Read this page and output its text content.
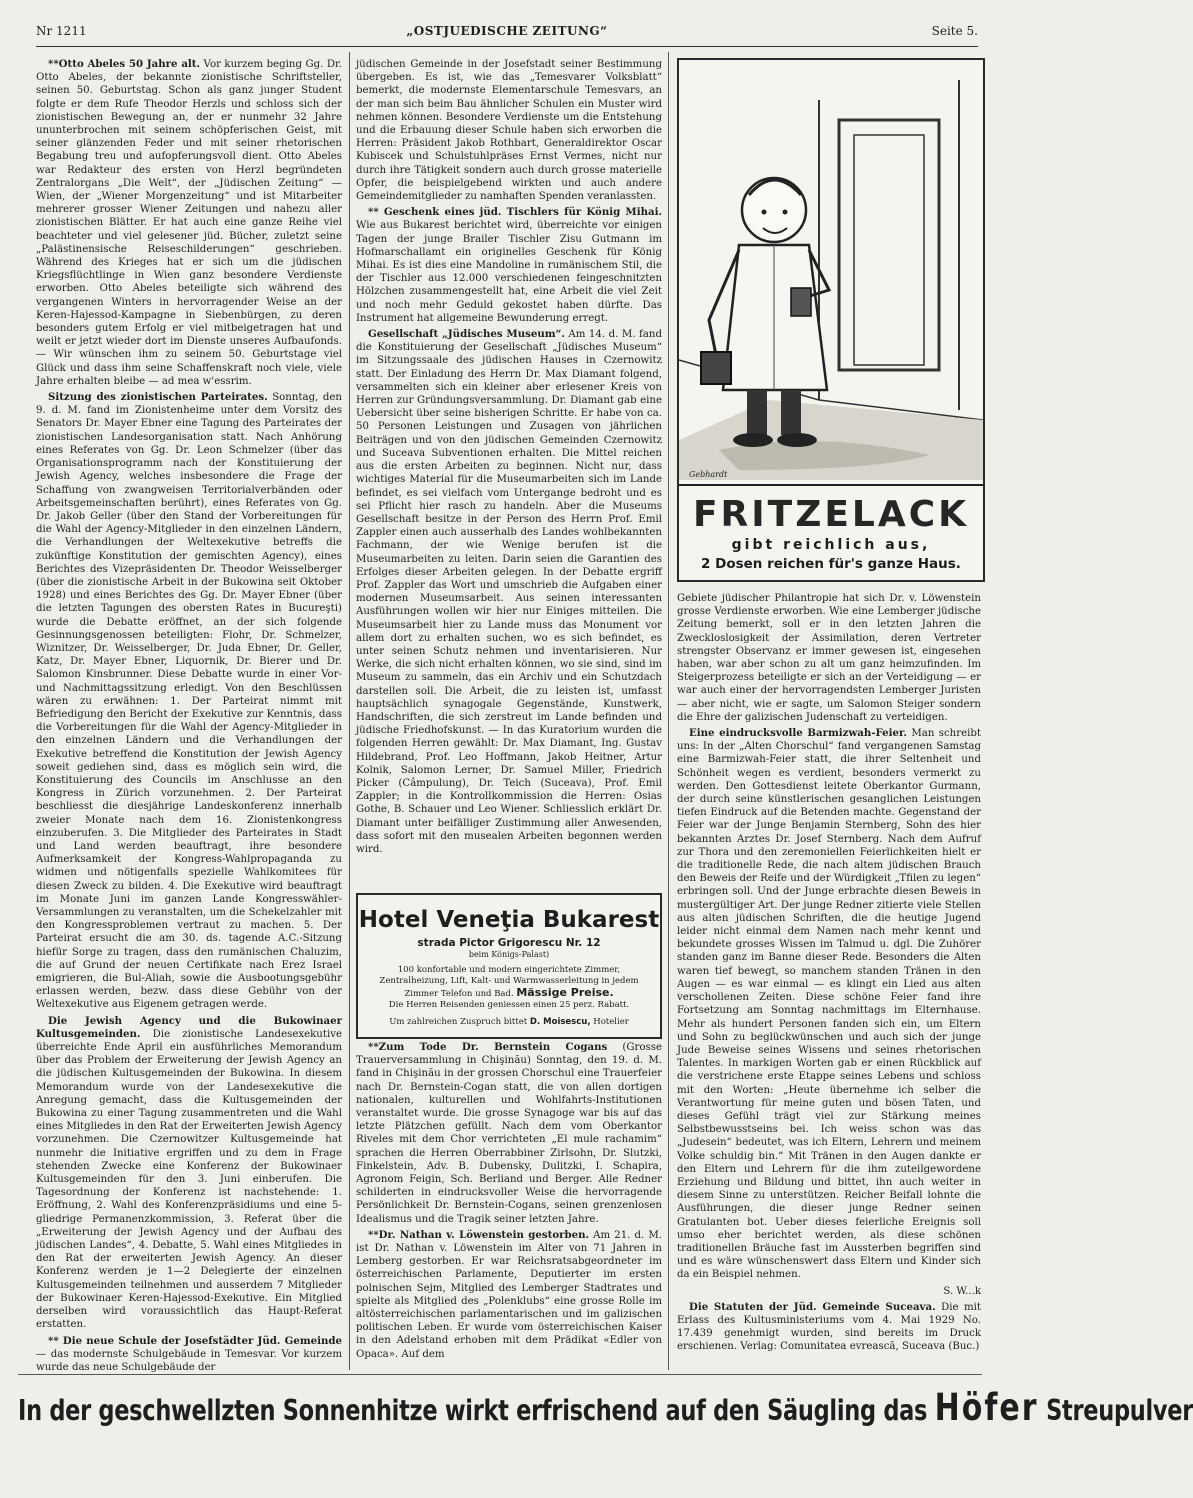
Nr 1211	„OSTJUEDISCHE ZEITUNG“	Seite 5.

**Otto Abeles 50 Jahre alt. Vor kurzem beging Gg. Dr. Otto Abeles, der bekannte zionistische Schriftsteller, seinen 50. Geburtstag. Schon als ganz junger Student folgte er dem Rufe Theodor Herzls und schloss sich der zionistischen Bewegung an, der er nunmehr 32 Jahre ununterbrochen mit seinem schöpferischen Geist, mit seiner glänzenden Feder und mit seiner rhetorischen Begabung treu und aufopferungsvoll dient. Otto Abeles war Redakteur des ersten von Herzl begründeten Zentralorgans „Die Welt“, der „Jüdischen Zeitung“ — Wien, der „Wiener Morgenzeitung“ und ist Mitarbeiter mehrerer grosser Wiener Zeitungen und nahezu aller zionistischen Blätter. Er hat auch eine ganze Reihe viel beachteter und viel gelesener jüd. Bücher, zuletzt seine „Palästinensische Reiseschilderungen“ geschrieben. Während des Krieges hat er sich um die jüdischen Kriegsflüchtlinge in Wien ganz besondere Verdienste erworben. Otto Abeles beteiligte sich während des vergangenen Winters in hervorragender Weise an der Keren-Hajessod-Kampagne in Siebenbürgen, zu deren besonders gutem Erfolg er viel mitbeigetragen hat und weilt er jetzt wieder dort im Dienste unseres Aufbaufonds. — Wir wünschen ihm zu seinem 50. Geburtstage viel Glück und dass ihm seine Schaffenskraft noch viele, viele Jahre erhalten bleibe — ad mea w'essrim.

Sitzung des zionistischen Parteirates. Sonntag, den 9. d. M. fand im Zionistenheime unter dem Vorsitz des Senators Dr. Mayer Ebner eine Tagung des Parteirates der zionistischen Landesorganisation statt. Nach Anhörung eines Referates von Gg. Dr. Leon Schmelzer (über das Organisationsprogramm nach der Konstituierung der Jewish Agency, welches insbesondere die Frage der Schaffung von zwangweisen Territorialverbänden oder Arbeitsgemeinschaften berührt), eines Referates von Gg. Dr. Jakob Geller (über den Stand der Vorbereitungen für die Wahl der Agency-Mitglieder in den einzelnen Ländern, die Verhandlungen der Weltexekutive betreffs die zukünftige Konstitution der gemischten Agency), eines Berichtes des Vizepräsidenten Dr. Theodor Weisselberger (über die zionistische Arbeit in der Bukowina seit Oktober 1928) und eines Berichtes des Gg. Dr. Mayer Ebner (über die letzten Tagungen des obersten Rates in Bucureşti) wurde die Debatte eröffnet, an der sich folgende Gesinnungsgenossen beteiligten: Flohr, Dr. Schmelzer, Wiznitzer, Dr. Weisselberger, Dr. Juda Ebner, Dr. Geller, Katz, Dr. Mayer Ebner, Liquornik, Dr. Bierer und Dr. Salomon Kinsbrunner. Diese Debatte wurde in einer Vor- und Nachmittagssitzung erledigt. Von den Beschlüssen wären zu erwähnen: 1. Der Parteirat nimmt mit Befriedigung den Bericht der Exekutive zur Kenntnis, dass die Vorbereitungen für die Wahl der Agency-Mitglieder in den einzelnen Ländern und die Verhandlungen der Exekutive betreffend die Konstitution der Jewish Agency soweit gediehen sind, dass es möglich sein wird, die Konstituierung des Councils im Anschlusse an den Kongress in Zürich vorzunehmen. 2. Der Parteirat beschliesst die diesjährige Landeskonferenz innerhalb zweier Monate nach dem 16. Zionistenkongress einzuberufen. 3. Die Mitglieder des Parteirates in Stadt und Land werden beauftragt, ihre besondere Aufmerksamkeit der Kongress-Wahlpropaganda zu widmen und nötigenfalls spezielle Wahlkomitees für diesen Zweck zu bilden. 4. Die Exekutive wird beauftragt im Monate Juni im ganzen Lande Kongresswähler-Versammlungen zu veranstalten, um die Schekelzahler mit den Kongressproblemen vertraut zu machen. 5. Der Parteirat ersucht die am 30. ds. tagende A.C.-Sitzung hiefür Sorge zu tragen, dass den rumänischen Chaluzim, die auf Grund der neuen Certifikate nach Erez Israel emigrieren, die Bul-Aliah, sowie die Ausbootungsgebühr erlassen werden, bezw. dass diese Gebühr von der Weltexekutive aus Eigenem getragen werde.

Die Jewish Agency und die Bukowinaer Kultusgemeinden. Die zionistische Landesexekutive überreichte Ende April ein ausführliches Memorandum über das Problem der Erweiterung der Jewish Agency an die jüdischen Kultusgemeinden der Bukowina. In diesem Memorandum wurde von der Landesexekutive die Anregung gemacht, dass die Kultusgemeinden der Bukowina zu einer Tagung zusammentreten und die Wahl eines Mitgliedes in den Rat der Erweiterten Jewish Agency vorzunehmen. Die Czernowitzer Kultusgemeinde hat nunmehr die Initiative ergriffen und zu dem in Frage stehenden Zwecke eine Konferenz der Bukowinaer Kultusgemeinden für den 3. Juni einberufen. Die Tagesordnung der Konferenz ist nachstehende: 1. Eröffnung, 2. Wahl des Konferenzpräsidiums und eine 5-gliedrige Permanenzkommission, 3. Referat über die „Erweiterung der Jewish Agency und der Aufbau des jüdischen Landes“, 4. Debatte, 5. Wahl eines Mitgliedes in den Rat der erweiterten Jewish Agency. An dieser Konferenz werden je 1—2 Delegierte der einzelnen Kultusgemeinden teilnehmen und ausserdem 7 Mitglieder der Bukowinaer Keren-Hajessod-Exekutive. Ein Mitglied derselben wird voraussichtlich das Haupt-Referat erstatten.

** Die neue Schule der Josefstädter Jüd. Gemeinde — das modernste Schulgebäude in Temesvar. Vor kurzem wurde das neue Schulgebäude der

jüdischen Gemeinde in der Josefstadt seiner Bestimmung übergeben. Es ist, wie das „Temesvarer Volksblatt“ bemerkt, die modernste Elementarschule Temesvars, an der man sich beim Bau ähnlicher Schulen ein Muster wird nehmen können. Besondere Verdienste um die Entstehung und die Erbauung dieser Schule haben sich erworben die Herren: Präsident Jakob Rothbart, Generaldirektor Oscar Kubiscek und Schulstuhlpräses Ernst Vermes, nicht nur durch ihre Tätigkeit sondern auch durch grosse materielle Opfer, die beispielgebend wirkten und auch andere Gemeindemitglieder zu namhaften Spenden veranlassten.

** Geschenk eines jüd. Tischlers für König Mihai. Wie aus Bukarest berichtet wird, überreichte vor einigen Tagen der junge Brailer Tischler Zisu Gutmann im Hofmarschallamt ein originelles Geschenk für König Mihai. Es ist dies eine Mandoline in rumänischem Stil, die der Tischler aus 12.000 verschiedenen feingeschnitzten Hölzchen zusammengestellt hat, eine Arbeit die viel Zeit und noch mehr Geduld gekostet haben dürfte. Das Instrument hat allgemeine Bewunderung erregt.

Gesellschaft „Jüdisches Museum“. Am 14. d. M. fand die Konstituierung der Gesellschaft „Jüdisches Museum“ im Sitzungssaale des jüdischen Hauses in Czernowitz statt. Der Einladung des Herrn Dr. Max Diamant folgend, versammelten sich ein kleiner aber erlesener Kreis von Herren zur Gründungsversammlung. Dr. Diamant gab eine Uebersicht über seine bisherigen Schritte. Er habe von ca. 50 Personen Leistungen und Zusagen von jährlichen Beiträgen und von den jüdischen Gemeinden Czernowitz und Suceava Subventionen erhalten. Die Mittel reichen aus die ersten Arbeiten zu beginnen. Nicht nur, dass wichtiges Material für die Museumarbeiten sich im Lande befindet, es sei vielfach vom Untergange bedroht und es sei Pflicht hier rasch zu handeln. Aber die Museums Gesellschaft besitze in der Person des Herrn Prof. Emil Zappler einen auch ausserhalb des Landes wohlbekannten Fachmann, der wie Wenige berufen ist die Museumarbeiten zu leiten. Darin seien die Garantien des Erfolges dieser Arbeiten gelegen. In der Debatte ergriff Prof. Zappler das Wort und umschrieb die Aufgaben einer modernen Museumsarbeit. Aus seinen interessanten Ausführungen wollen wir hier nur Einiges mitteilen. Die Museumsarbeit hier zu Lande muss das Monument vor allem dort zu erhalten suchen, wo es sich befindet, es unter seinen Schutz nehmen und inventarisieren. Nur Werke, die sich nicht erhalten können, wo sie sind, sind im Museum zu sammeln, das ein Archiv und ein Schutzdach darstellen soll. Die Arbeit, die zu leisten ist, umfasst hauptsächlich synagogale Gegenstände, Kunstwerk, Handschriften, die sich zerstreut im Lande befinden und jüdische Friedhofskunst. — In das Kuratorium wurden die folgenden Herren gewählt: Dr. Max Diamant, Ing. Gustav Hildebrand, Prof. Leo Hoffmann, Jakob Heitner, Artur Kolnik, Salomon Lerner, Dr. Samuel Miller, Friedrich Picker (Câmpulung), Dr. Teich (Suceava), Prof. Emil Zappler; in die Kontrollkommission die Herren: Osias Gothe, B. Schauer und Leo Wiener. Schliesslich erklärt Dr. Diamant unter beifälliger Zustimmung aller Anwesenden, dass sofort mit den musealen Arbeiten begonnen werden wird.

Hotel Veneţia Bukarest
strada Pictor Grigorescu Nr. 12
beim Königs-Palast)
100 konfortable und modern eingerichtete Zimmer, Zentralheizung, Lift, Kalt- und Warmwasserleitung in jedem Zimmer Telefon und Bad. Mässige Preise.
Die Herren Reisenden geniessen einen 25 perz. Rabatt.
Um zahlreichen Zuspruch bittet D. Moisescu, Hotelier

**Zum Tode Dr. Bernstein Cogans (Grosse Trauerversammlung in Chişinău) Sonntag, den 19. d. M. fand in Chişinău in der grossen Chorschul eine Trauerfeier nach Dr. Bernstein-Cogan statt, die von allen dortigen nationalen, kulturellen und Wohlfahrts-Institutionen veranstaltet wurde. Die grosse Synagoge war bis auf das letzte Plätzchen gefüllt. Nach dem vom Oberkantor Riveles mit dem Chor verrichteten „El mule rachamim“ sprachen die Herren Oberrabbiner Zirlsohn, Dr. Slutzki, Finkelstein, Adv. B. Dubensky, Dulitzki, I. Schapira, Agronom Feigin, Sch. Berliand und Berger. Alle Redner schilderten in eindrucksvoller Weise die hervorragende Persönlichkeit Dr. Bernstein-Cogans, seinen grenzenlosen Idealismus und die Tragik seiner letzten Jahre.

**Dr. Nathan v. Löwenstein gestorben. Am 21. d. M. ist Dr. Nathan v. Löwenstein im Alter von 71 Jahren in Lemberg gestorben. Er war Reichsratsabgeordneter im österreichischen Parlamente, Deputierter im ersten polnischen Sejm, Mitglied des Lemberger Stadtrates und spielte als Mitglied des „Polenklubs“ eine grosse Rolle im altösterreichischen parlamentarischen und im galizischen politischen Leben. Er wurde vom österreichischen Kaiser in den Adelstand erhoben mit dem Prädikat «Edler von Opaca». Auf dem

Gebhardt
FRITZELACK
gibt reichlich aus,
2 Dosen reichen für's ganze Haus.

Gebiete jüdischer Philantropie hat sich Dr. v. Löwenstein grosse Verdienste erworben. Wie eine Lemberger jüdische Zeitung bemerkt, soll er in den letzten Jahren die Zweckloslosigkeit der Assimilation, deren Vertreter strengster Observanz er immer gewesen ist, eingesehen haben, war aber schon zu alt um ganz heimzufinden. Im Steigerprozess beteiligte er sich an der Verteidigung — er war auch einer der hervorragendsten Lemberger Juristen — aber nicht, wie er sagte, um Salomon Steiger sondern die Ehre der galizischen Judenschaft zu verteidigen.

Eine eindrucksvolle Barmizwah-Feier. Man schreibt uns: In der „Alten Chorschul“ fand vergangenen Samstag eine Barmizwah-Feier statt, die ihrer Seltenheit und Schönheit wegen es verdient, besonders vermerkt zu werden. Den Gottesdienst leitete Oberkantor Gurmann, der durch seine künstlerischen gesanglichen Leistungen tiefen Eindruck auf die Betenden machte. Gegenstand der Feier war der Junge Benjamin Sternberg, Sohn des hier bekannten Arztes Dr. Josef Sternberg. Nach dem Aufruf zur Thora und den zeremoniellen Feierlichkeiten hielt er die traditionelle Rede, die nach altem jüdischen Brauch den Beweis der Reife und der Würdigkeit „Tfilen zu legen“ erbringen soll. Und der Junge erbrachte diesen Beweis in mustergültiger Art. Der junge Redner zitierte viele Stellen aus alten jüdischen Schriften, die die heutige Jugend leider nicht einmal dem Namen nach mehr kennt und bekundete grosses Wissen im Talmud u. dgl. Die Zuhörer standen ganz im Banne dieser Rede. Besonders die Alten waren tief bewegt, so manchem standen Tränen in den Augen — es war einmal — es klingt ein Lied aus alten verschollenen Zeiten. Diese schöne Feier fand ihre Fortsetzung am Sonntag nachmittags im Elternhause. Mehr als hundert Personen fanden sich ein, um Eltern und Sohn zu beglückwünschen und auch sich der junge Jude Beweise seines Wissens und seines rhetorischen Talentes. In markigen Worten gab er einen Rückblick auf die verstrichene erste Etappe seines Lebens und schloss mit den Worten: „Heute übernehme ich selber die Verantwortung für meine guten und bösen Taten, und dieses Gefühl trägt viel zur Stärkung meines Selbstbewusstseins bei. Ich weiss schon was das „Judesein“ bedeutet, was ich Eltern, Lehrern und meinem Volke schuldig bin.“ Mit Tränen in den Augen dankte er den Eltern und Lehrern für die ihm zuteilgewordene Erziehung und Bildung und bittet, ihn auch weiter in diesem Sinne zu unterstützen. Reicher Beifall lohnte die Ausführungen, die dieser junge Redner seinen Gratulanten bot. Ueber dieses feierliche Ereignis soll umso eher berichtet werden, als diese schönen traditionellen Bräuche fast im Aussterben begriffen sind und es wäre wünschenswert dass Eltern und Kinder sich da ein Beispiel nehmen.

S. W...k

Die Statuten der Jüd. Gemeinde Suceava. Die mit Erlass des Kultusministeriums vom 4. Mai 1929 No. 17.439 genehmigt wurden, sind bereits im Druck erschienen. Verlag: Comunitatea evrească, Suceava (Buc.)

In der geschwellzten Sonnenhitze wirkt erfrischend auf den Säugling das Höfer Streupulver
